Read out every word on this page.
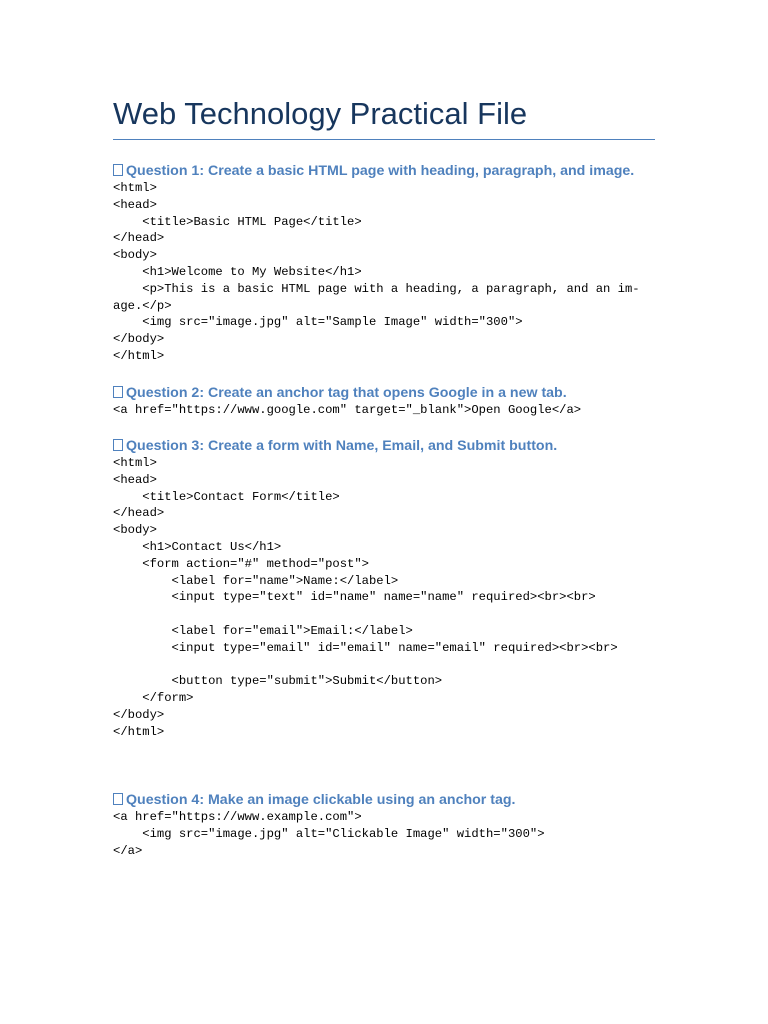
Web Technology Practical File
Question 1: Create a basic HTML page with heading, paragraph, and image.
<html>
<head>
<title>Basic HTML Page</title>
</head>
<body>
<h1>Welcome to My Website</h1>
<p>This is a basic HTML page with a heading, a paragraph, and an im-
age.</p>
<img src="image.jpg" alt="Sample Image" width="300">
</body>
</html>
Question 2: Create an anchor tag that opens Google in a new tab.
<a href="https://www.google.com" target="_blank">Open Google</a>
Question 3: Create a form with Name, Email, and Submit button.
<html>
<head>
<title>Contact Form</title>
</head>
<body>
<h1>Contact Us</h1>
<form action="#" method="post">
<label for="name">Name:</label>
<input type="text" id="name" name="name" required><br><br>
<label for="email">Email:</label>
<input type="email" id="email" name="email" required><br><br>
<button type="submit">Submit</button>
</form>
</body>
</html>
Question 4: Make an image clickable using an anchor tag.
<a href="https://www.example.com">
<img src="image.jpg" alt="Clickable Image" width="300">
</a>
